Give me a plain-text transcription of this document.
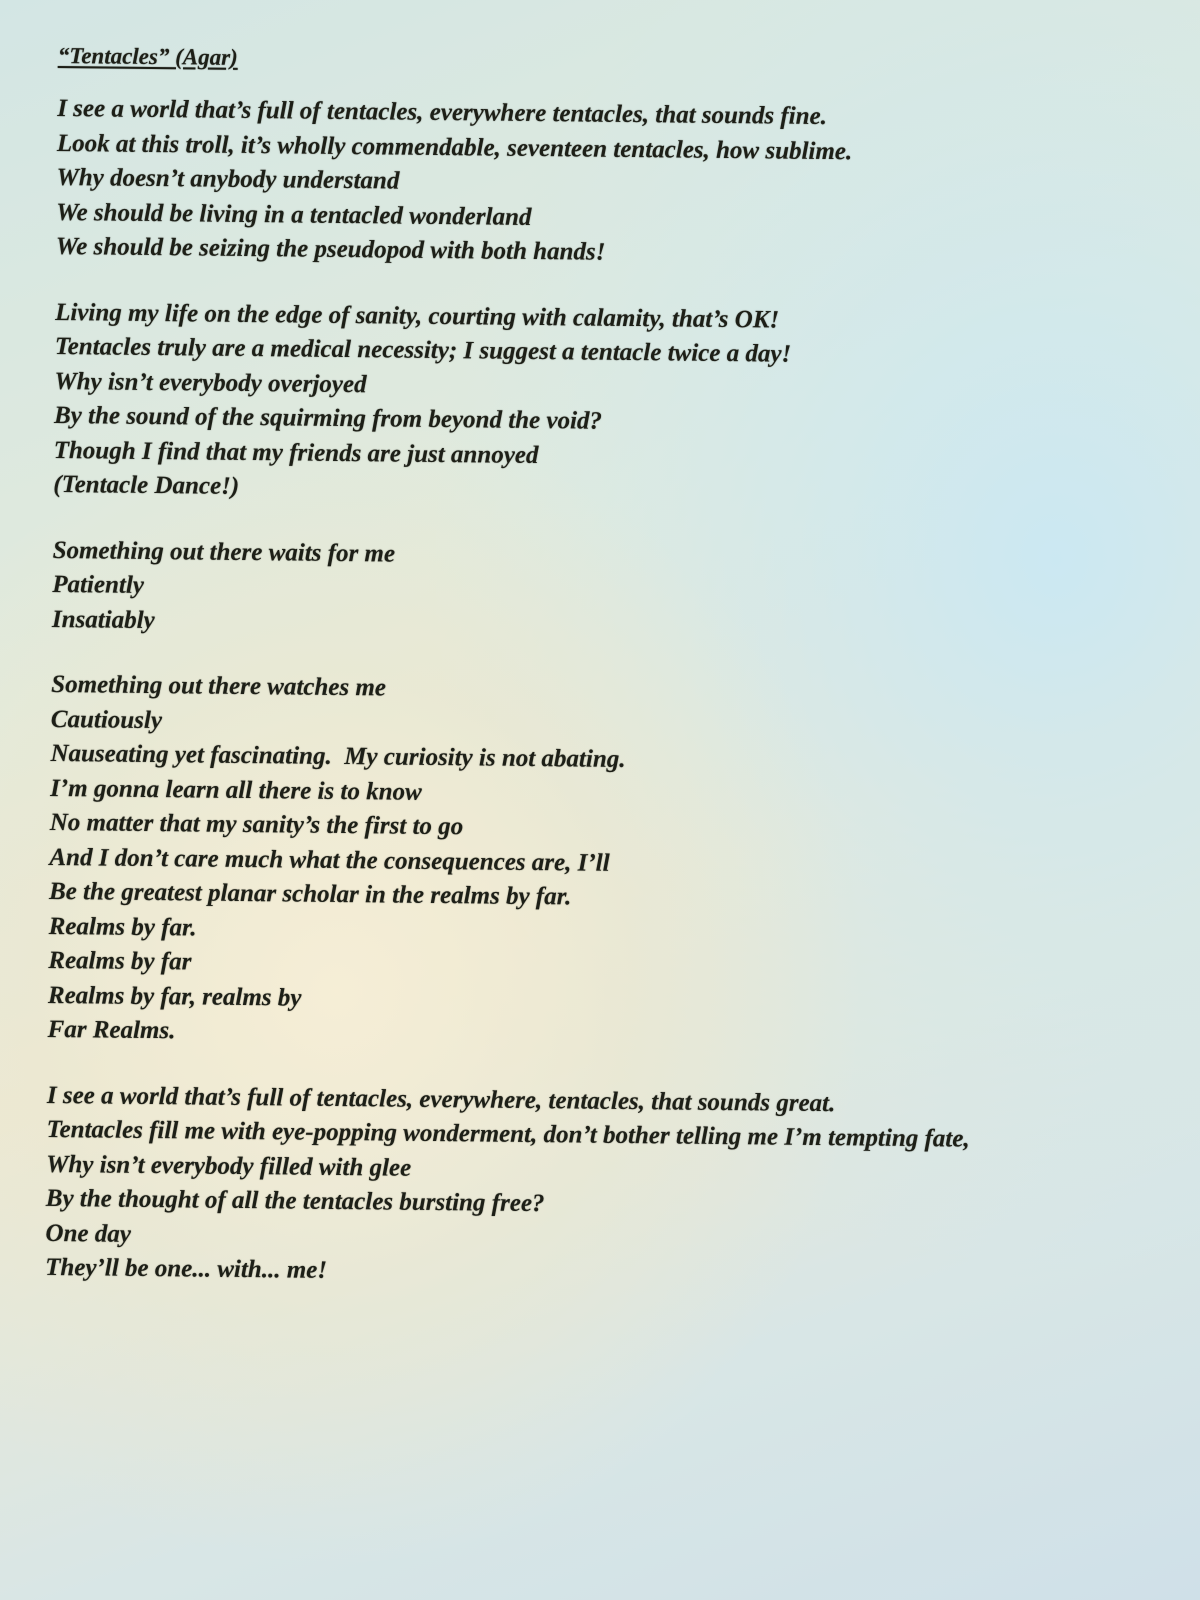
“Tentacles” (Agar)
I see a world that’s full of tentacles, everywhere tentacles, that sounds fine.
Look at this troll, it’s wholly commendable, seventeen tentacles, how sublime.
Why doesn’t anybody understand
We should be living in a tentacled wonderland
We should be seizing the pseudopod with both hands!
Living my life on the edge of sanity, courting with calamity, that’s OK!
Tentacles truly are a medical necessity; I suggest a tentacle twice a day!
Why isn’t everybody overjoyed
By the sound of the squirming from beyond the void?
Though I find that my friends are just annoyed
(Tentacle Dance!)
Something out there waits for me
Patiently
Insatiably
Something out there watches me
Cautiously
Nauseating yet fascinating.  My curiosity is not abating.
I’m gonna learn all there is to know
No matter that my sanity’s the first to go
And I don’t care much what the consequences are, I’ll
Be the greatest planar scholar in the realms by far.
Realms by far.
Realms by far
Realms by far, realms by
Far Realms.
I see a world that’s full of tentacles, everywhere, tentacles, that sounds great.
Tentacles fill me with eye-popping wonderment, don’t bother telling me I’m tempting fate,
Why isn’t everybody filled with glee
By the thought of all the tentacles bursting free?
One day
They’ll be one... with... me!
